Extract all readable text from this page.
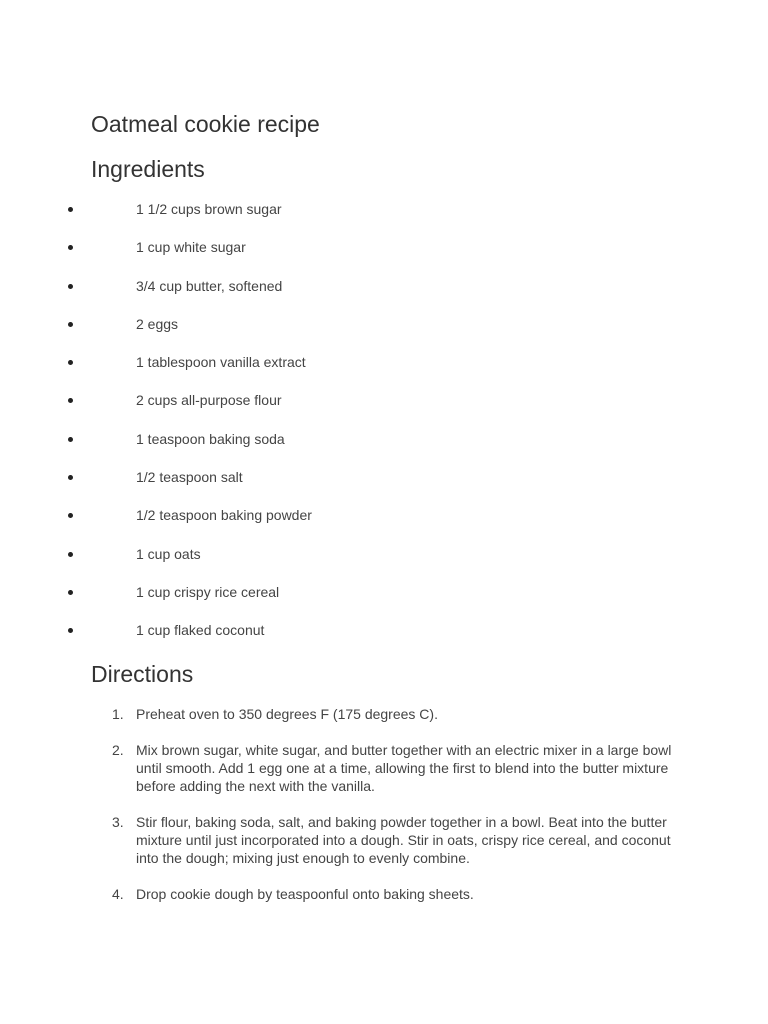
Oatmeal cookie recipe
Ingredients
1 1/2 cups brown sugar
1 cup white sugar
3/4 cup butter, softened
2 eggs
1 tablespoon vanilla extract
2 cups all-purpose flour
1 teaspoon baking soda
1/2 teaspoon salt
1/2 teaspoon baking powder
1 cup oats
1 cup crispy rice cereal
1 cup flaked coconut
Directions
1. Preheat oven to 350 degrees F (175 degrees C).
2. Mix brown sugar, white sugar, and butter together with an electric mixer in a large bowl until smooth. Add 1 egg one at a time, allowing the first to blend into the butter mixture before adding the next with the vanilla.
3. Stir flour, baking soda, salt, and baking powder together in a bowl. Beat into the butter mixture until just incorporated into a dough. Stir in oats, crispy rice cereal, and coconut into the dough; mixing just enough to evenly combine.
4. Drop cookie dough by teaspoonful onto baking sheets.
